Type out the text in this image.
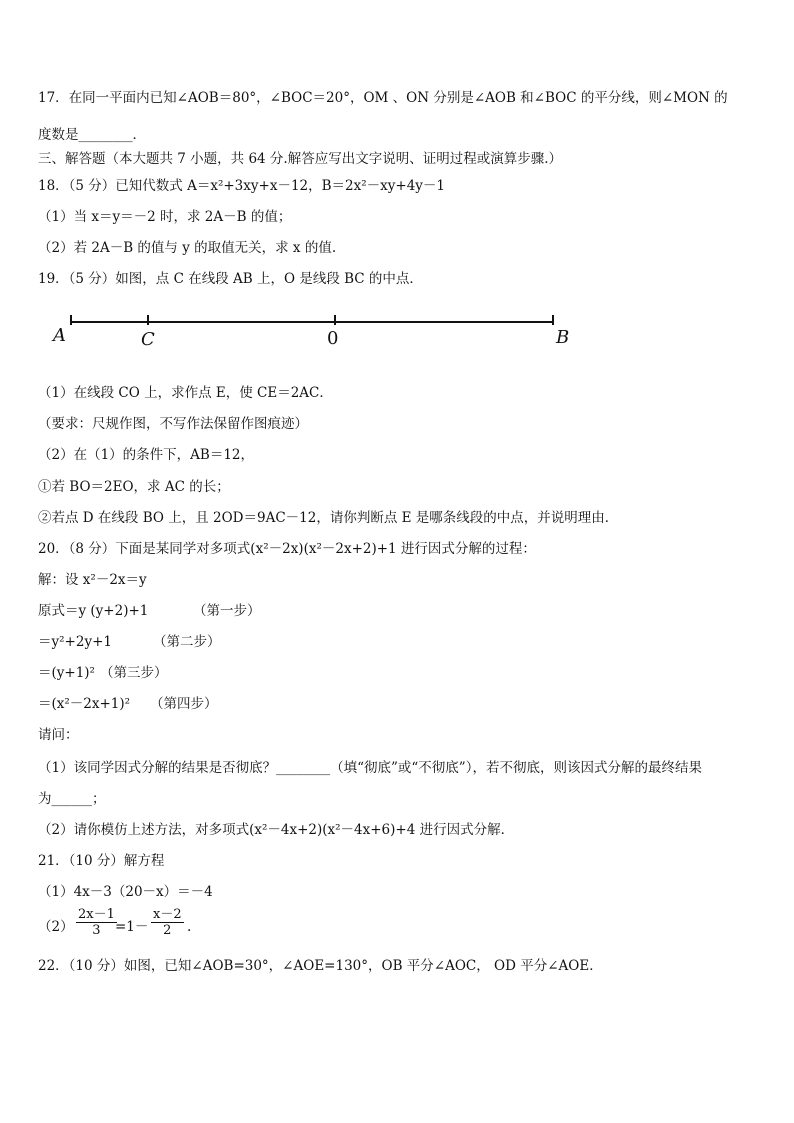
17．在同一平面内已知∠AOB＝80°，∠BOC＝20°，OM 、ON 分别是∠AOB 和∠BOC 的平分线，则∠MON 的
度数是________．
三、解答题（本大题共 7 小题，共 64 分.解答应写出文字说明、证明过程或演算步骤.）
18．（5 分）已知代数式 A＝x²+3xy+x－12，B＝2x²－xy+4y－1
（1）当 x＝y＝－2 时，求 2A－B 的值；
（2）若 2A－B 的值与 y 的取值无关，求 x 的值.
19．（5 分）如图，点 C 在线段 AB 上，O 是线段 BC 的中点．
A	C	0	B
（1）在线段 CO 上，求作点 E，使 CE＝2AC．
（要求：尺规作图，不写作法保留作图痕迹）
（2）在（1）的条件下，AB＝12，
①若 BO＝2EO，求 AC 的长；
②若点 D 在线段 BO 上，且 2OD＝9AC－12，请你判断点 E 是哪条线段的中点，并说明理由．
20．（8 分）下面是某同学对多项式(x²－2x)(x²－2x+2)+1 进行因式分解的过程：
解：设 x²－2x＝y
原式＝y (y+2)+1	（第一步）
＝y²+2y+1	（第二步）
＝(y+1)² （第三步）
＝(x²－2x+1)² （第四步）
请问：
（1）该同学因式分解的结果是否彻底？________（填“彻底”或“不彻底”），若不彻底，则该因式分解的最终结果
为______；
（2）请你模仿上述方法，对多项式(x²－4x+2)(x²－4x+6)+4 进行因式分解．
21．（10 分）解方程
（1）4x－3（20－x）＝－4
$(2) \frac{2x-1}{3}$
$=1- \frac{x-2}{2}$ .
22．（10 分）如图，已知∠AOB=30°，∠AOE=130°，OB 平分∠AOC， OD 平分∠AOE．
